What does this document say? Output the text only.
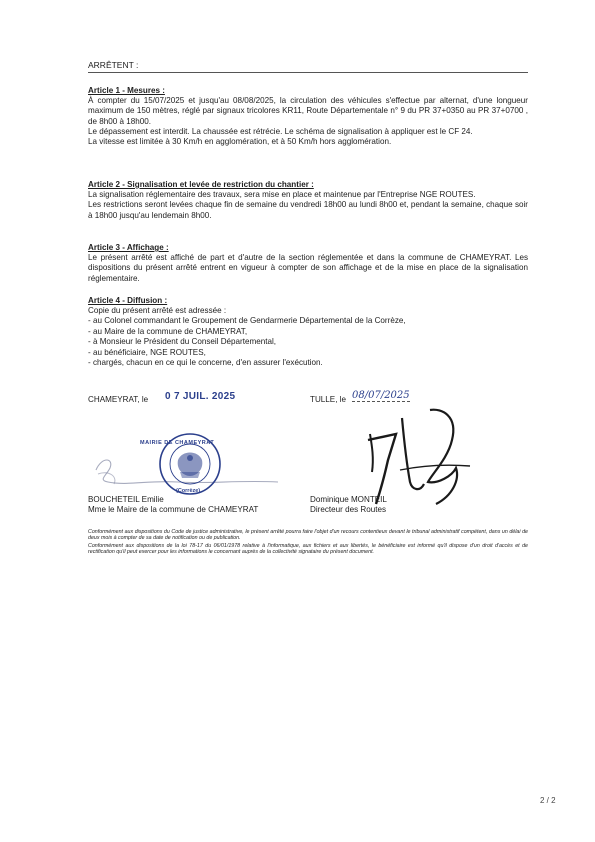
ARRÊTENT :
Article 1 - Mesures :
À compter du 15/07/2025 et jusqu'au 08/08/2025, la circulation des véhicules s'effectue par alternat, d'une longueur maximum de 150 mètres, réglé par signaux tricolores KR11, Route Départementale n° 9 du PR 37+0350 au PR 37+0700 , de 8h00 à 18h00.
Le dépassement est interdit. La chaussée est rétrécie. Le schéma de signalisation à appliquer est le CF 24.
La vitesse est limitée à 30 Km/h en agglomération, et à 50 Km/h hors agglomération.
Article 2 - Signalisation et levée de restriction du chantier :
La signalisation réglementaire des travaux, sera mise en place et maintenue par l'Entreprise NGE ROUTES.
Les restrictions seront levées chaque fin de semaine du vendredi 18h00 au lundi 8h00 et, pendant la semaine, chaque soir à 18h00 jusqu'au lendemain 8h00.
Article 3 - Affichage :
Le présent arrêté est affiché de part et d'autre de la section réglementée et dans la commune de CHAMEYRAT. Les dispositions du présent arrêté entrent en vigueur à compter de son affichage et de la mise en place de la signalisation réglementaire.
Article 4 - Diffusion :
Copie du présent arrêté est adressée :
- au Colonel commandant le Groupement de Gendarmerie Départemental de la Corrèze,
- au Maire de la commune de CHAMEYRAT,
- à Monsieur le Président du Conseil Départemental,
- au bénéficiaire, NGE ROUTES,
- chargés, chacun en ce qui le concerne, d'en assurer l'exécution.
CHAMEYRAT, le 0 7 JUIL. 2025
MAIRIE DE CHAMEYRAT
(Corrèze)
BOUCHETEIL Emilie
Mme le Maire de la commune de CHAMEYRAT
TULLE, le 08/07/2025
Dominique MONTEIL
Directeur des Routes
Conformément aux dispositions du Code de justice administrative, le présent arrêté pourra faire l'objet d'un recours contentieux devant le tribunal administratif compétent, dans un délai de deux mois à compter de sa date de notification ou de publication.
Conformément aux dispositions de la loi 78-17 du 06/01/1978 relative à l'informatique, aux fichiers et aux libertés, le bénéficiaire est informé qu'il dispose d'un droit d'accès et de rectification qu'il peut exercer pour les informations le concernant auprès de la collectivité signataire du présent document.
2 / 2
